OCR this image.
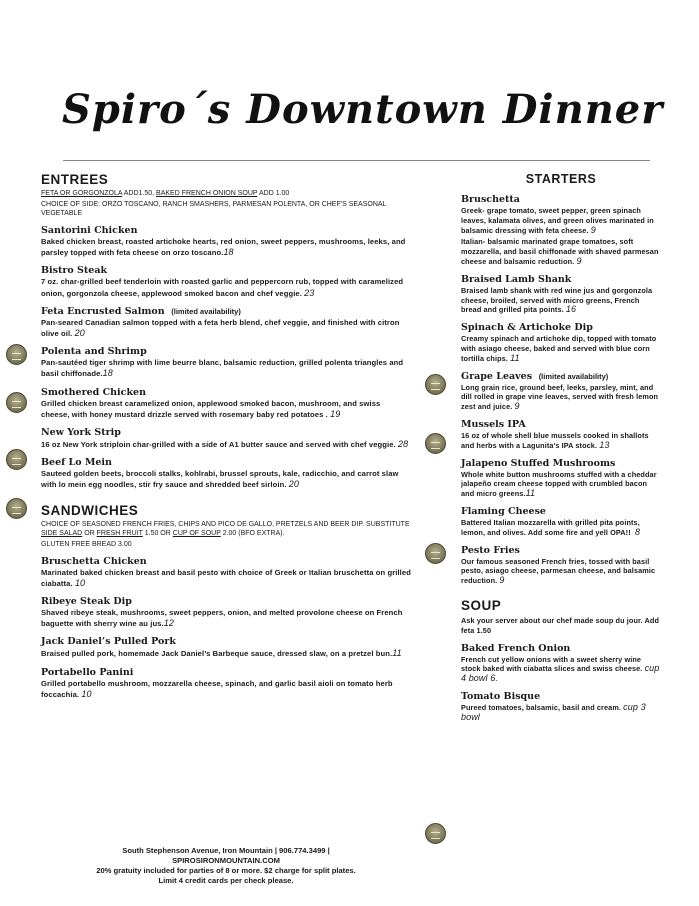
Spiro´s Downtown Dinner
ENTREES
FETA OR GORGONZOLA ADD1.50, BAKED FRENCH ONION SOUP ADD 1.00
CHOICE OF SIDE: ORZO TOSCANO, RANCH SMASHERS, PARMESAN POLENTA, OR CHEF'S SEASONAL VEGETABLE
Santorini Chicken
Baked chicken breast, roasted artichoke hearts, red onion, sweet peppers, mushrooms, leeks, and parsley topped with feta cheese on orzo toscano.18
Bistro Steak
7 oz. char-grilled beef tenderloin with roasted garlic and peppercorn rub, topped with caramelized onion, gorgonzola cheese, applewood smoked bacon and chef veggie. 23
Feta Encrusted Salmon (limited availability)
Pan-seared Canadian salmon topped with a feta herb blend, chef veggie, and finished with citron olive oil. 20
Polenta and Shrimp
Pan-sautéed tiger shrimp with lime beurre blanc, balsamic reduction, grilled polenta triangles and basil chiffonade.18
Smothered Chicken
Grilled chicken breast caramelized onion, applewood smoked bacon, mushroom, and swiss cheese, with honey mustard drizzle served with rosemary baby red potatoes . 19
New York Strip
16 oz New York striploin char-grilled with a side of A1 butter sauce and served with chef veggie. 28
Beef Lo Mein
Sauteed golden beets, broccoli stalks, kohlrabi, brussel sprouts, kale, radicchio, and carrot slaw with lo mein egg noodles, stir fry sauce and shredded beef sirloin. 20
SANDWICHES
CHOICE OF SEASONED FRENCH FRIES, CHIPS AND PICO DE GALLO, PRETZELS AND BEER DIP. SUBSTITUTE SIDE SALAD OR FRESH FRUIT 1.50 OR CUP OF SOUP 2.00 (BFO EXTRA).
GLUTEN FREE BREAD 3.00
Bruschetta Chicken
Marinated baked chicken breast and basil pesto with choice of Greek or Italian bruschetta on grilled ciabatta. 10
Ribeye Steak Dip
Shaved ribeye steak, mushrooms, sweet peppers, onion, and melted provolone cheese on French baguette with sherry wine au jus.12
Jack Daniel’s Pulled Pork
Braised pulled pork, homemade Jack Daniel’s Barbeque sauce, dressed slaw, on a pretzel bun.11
Portabello Panini
Grilled portabello mushroom, mozzarella cheese, spinach, and garlic basil aioli on tomato herb foccachia. 10
South Stephenson Avenue, Iron Mountain | 906.774.3499 |
SPIROSIRONMOUNTAIN.COM
20% gratuity included for parties of 8 or more. $2 charge for split plates.
Limit 4 credit cards per check please.
STARTERS
Bruschetta
Greek- grape tomato, sweet pepper, green spinach leaves, kalamata olives, and green olives marinated in balsamic dressing with feta cheese. 9
Italian- balsamic marinated grape tomatoes, soft mozzarella, and basil chiffonade with shaved parmesan cheese and balsamic reduction. 9
Braised Lamb Shank
Braised lamb shank with red wine jus and gorgonzola cheese, broiled, served with micro greens, French bread and grilled pita points. 16
Spinach & Artichoke Dip
Creamy spinach and artichoke dip, topped with tomato with asiago cheese, baked and served with blue corn tortilla chips. 11
Grape Leaves (limited availability)
Long grain rice, ground beef, leeks, parsley, mint, and dill rolled in grape vine leaves, served with fresh lemon zest and juice. 9
Mussels IPA
16 oz of whole shell blue mussels cooked in shallots and herbs with a Lagunita's IPA stock. 13
Jalapeno Stuffed Mushrooms
Whole white button mushrooms stuffed with a cheddar jalapeño cream cheese topped with crumbled bacon and micro greens.11
Flaming Cheese
Battered Italian mozzarella with grilled pita points, lemon, and olives. Add some fire and yell OPA!! 8
Pesto Fries
Our famous seasoned French fries, tossed with basil pesto, asiago cheese, parmesan cheese, and balsamic reduction. 9
SOUP
Ask your server about our chef made soup du jour. Add feta 1.50
Baked French Onion
French cut yellow onions with a sweet sherry wine stock baked with ciabatta slices and swiss cheese. cup 4 bowl 6.
Tomato Bisque
Pureed tomatoes, balsamic, basil and cream. cup 3 bowl
